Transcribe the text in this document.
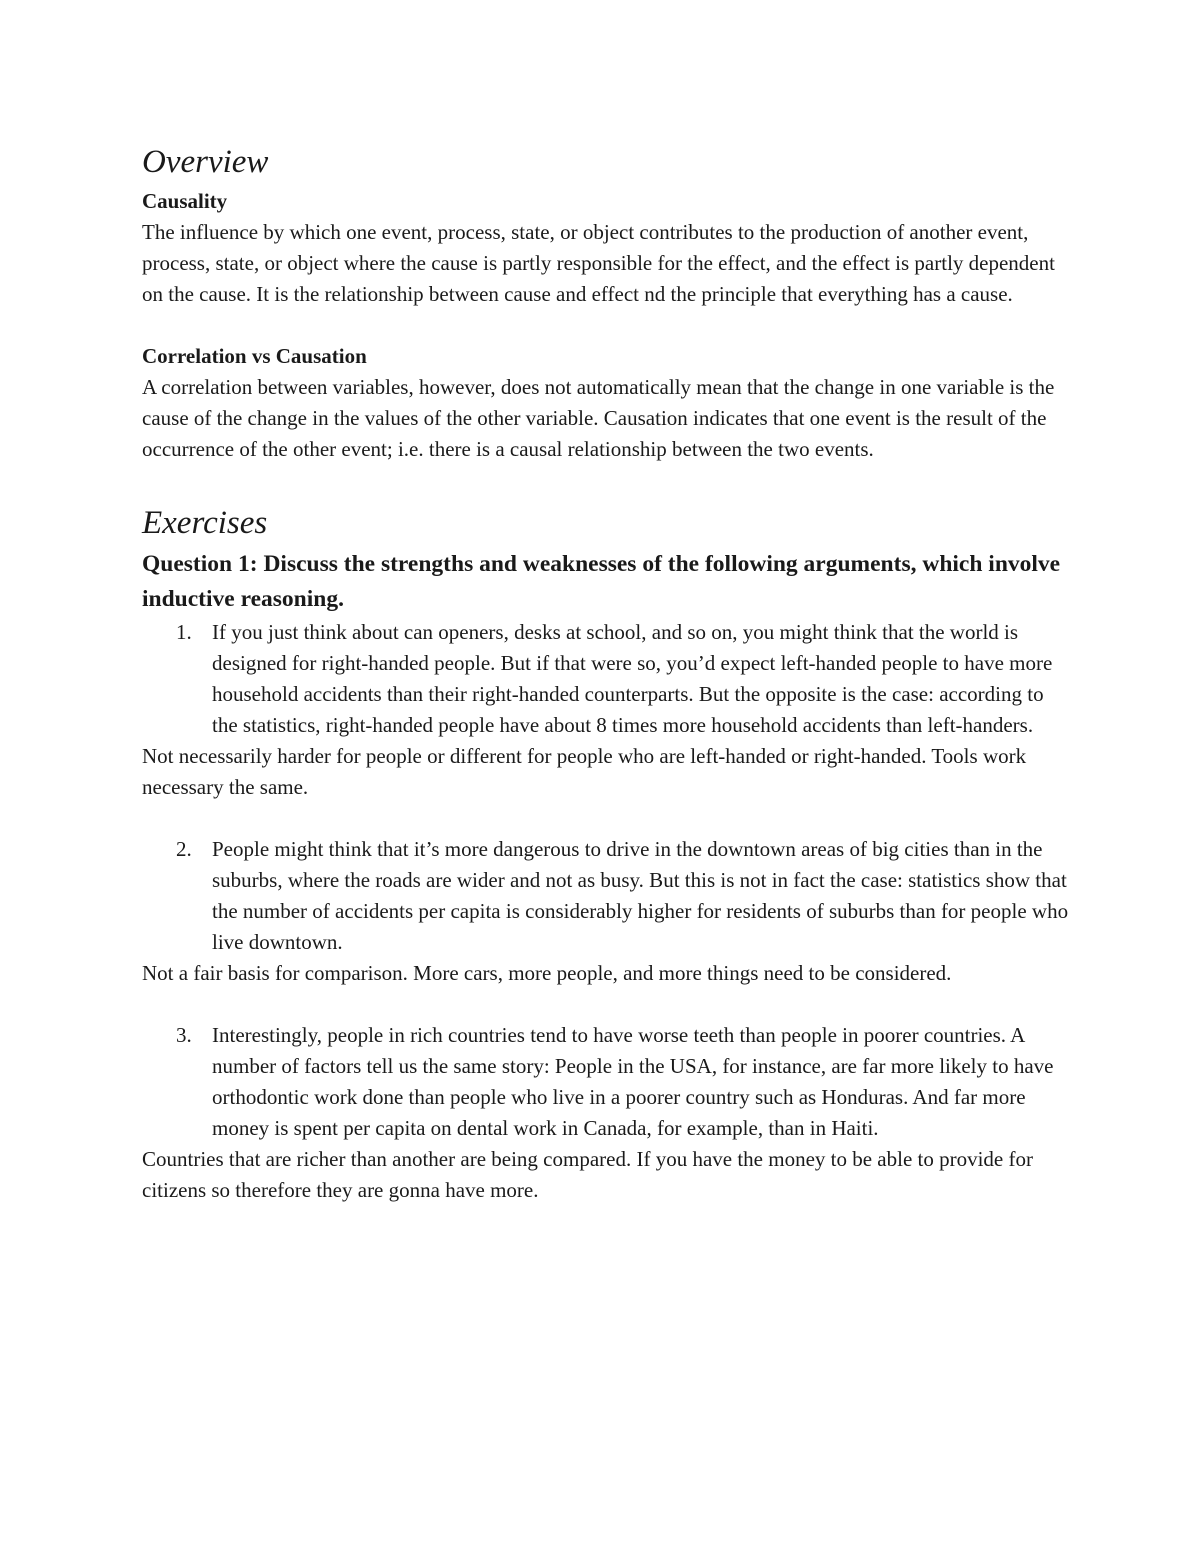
Overview

Causality

The influence by which one event, process, state, or object contributes to the production of another event, process, state, or object where the cause is partly responsible for the effect, and the effect is partly dependent on the cause. It is the relationship between cause and effect nd the principle that everything has a cause.

Correlation vs Causation

A correlation between variables, however, does not automatically mean that the change in one variable is the cause of the change in the values of the other variable. Causation indicates that one event is the result of the occurrence of the other event; i.e. there is a causal relationship between the two events.

Exercises

Question 1: Discuss the strengths and weaknesses of the following arguments, which involve inductive reasoning.

1. If you just think about can openers, desks at school, and so on, you might think that the world is designed for right-handed people. But if that were so, you’d expect left-handed people to have more household accidents than their right-handed counterparts. But the opposite is the case: according to the statistics, right-handed people have about 8 times more household accidents than left-handers.

Not necessarily harder for people or different for people who are left-handed or right-handed. Tools work necessary the same.

2. People might think that it’s more dangerous to drive in the downtown areas of big cities than in the suburbs, where the roads are wider and not as busy. But this is not in fact the case: statistics show that the number of accidents per capita is considerably higher for residents of suburbs than for people who live downtown.

Not a fair basis for comparison. More cars, more people, and more things need to be considered.

3. Interestingly, people in rich countries tend to have worse teeth than people in poorer countries. A number of factors tell us the same story: People in the USA, for instance, are far more likely to have orthodontic work done than people who live in a poorer country such as Honduras. And far more money is spent per capita on dental work in Canada, for example, than in Haiti.

Countries that are richer than another are being compared. If you have the money to be able to provide for citizens so therefore they are gonna have more.
